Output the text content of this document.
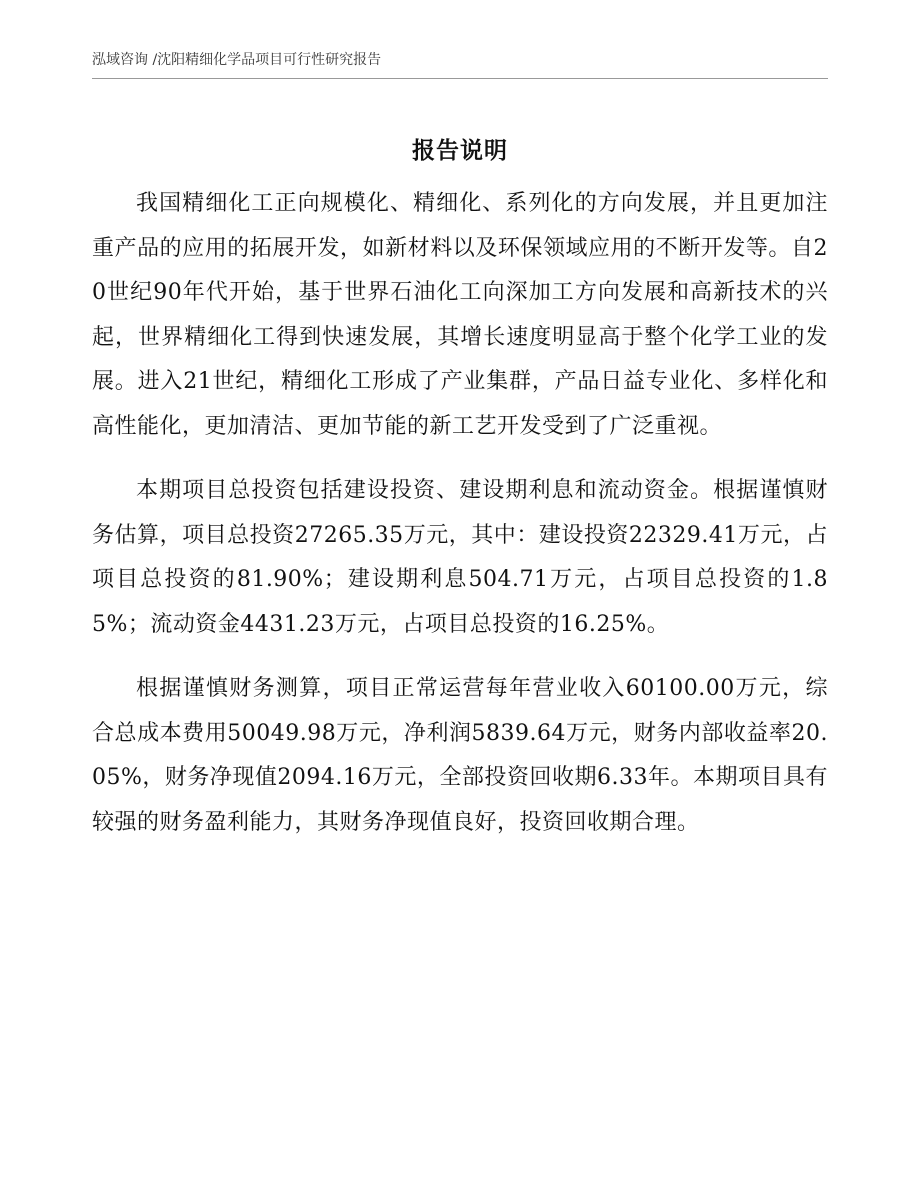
泓域咨询 /沈阳精细化学品项目可行性研究报告
报告说明

我国精细化工正向规模化、精细化、系列化的方向发展，并且更加注重产品的应用的拓展开发，如新材料以及环保领域应用的不断开发等。自20世纪90年代开始，基于世界石油化工向深加工方向发展和高新技术的兴起，世界精细化工得到快速发展，其增长速度明显高于整个化学工业的发展。进入21世纪，精细化工形成了产业集群，产品日益专业化、多样化和高性能化，更加清洁、更加节能的新工艺开发受到了广泛重视。

本期项目总投资包括建设投资、建设期利息和流动资金。根据谨慎财务估算，项目总投资27265.35万元，其中：建设投资22329.41万元，占项目总投资的81.90%；建设期利息504.71万元，占项目总投资的1.85%；流动资金4431.23万元，占项目总投资的16.25%。

根据谨慎财务测算，项目正常运营每年营业收入60100.00万元，综合总成本费用50049.98万元，净利润5839.64万元，财务内部收益率20.05%，财务净现值2094.16万元，全部投资回收期6.33年。本期项目具有较强的财务盈利能力，其财务净现值良好，投资回收期合理。
